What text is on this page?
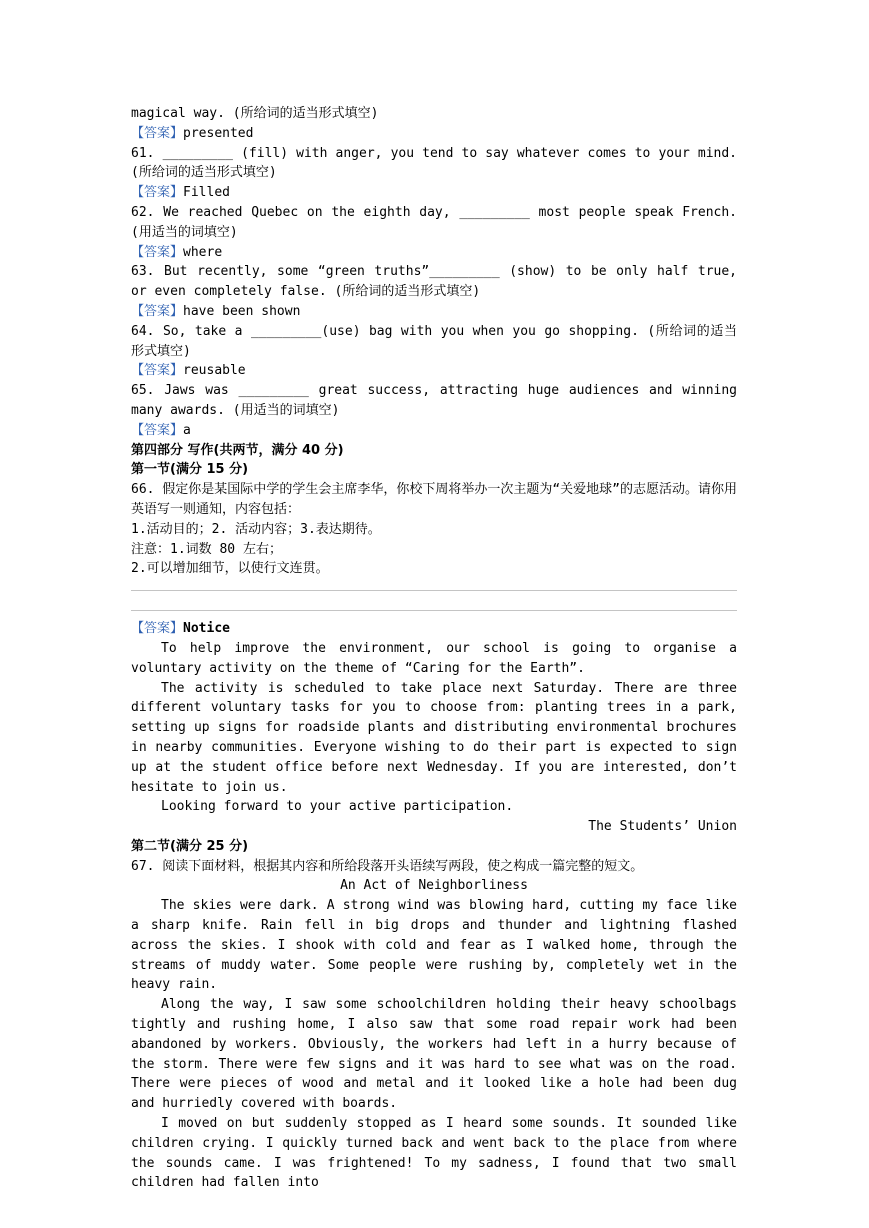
magical way. (所给词的适当形式填空)

【答案】presented

61. _________ (fill) with anger, you tend to say whatever comes to your mind. (所给词的适当形式填空)

【答案】Filled

62. We reached Quebec on the eighth day, _________ most people speak French. (用适当的词填空)

【答案】where

63. But recently, some “green truths”_________ (show) to be only half true, or even completely false. (所给词的适当形式填空)

【答案】have been shown

64. So, take a _________(use) bag with you when you go shopping. (所给词的适当形式填空)

【答案】reusable

65. Jaws was _________ great success, attracting huge audiences and winning many awards. (用适当的词填空)

【答案】a

第四部分 写作(共两节，满分 40 分)

第一节(满分 15 分)

66. 假定你是某国际中学的学生会主席李华，你校下周将举办一次主题为“关爱地球”的志愿活动。请你用英语写一则通知，内容包括：

1.活动目的；2. 活动内容；3.表达期待。

注意：1.词数 80 左右；

2.可以增加细节，以使行文连贯。

【答案】Notice

To help improve the environment, our school is going to organise a voluntary activity on the theme of “Caring for the Earth”.

The activity is scheduled to take place next Saturday. There are three different voluntary tasks for you to choose from: planting trees in a park, setting up signs for roadside plants and distributing environmental brochures in nearby communities. Everyone wishing to do their part is expected to sign up at the student office before next Wednesday. If you are interested, don’t hesitate to join us.

Looking forward to your active participation.

The Students’ Union

第二节(满分 25 分)

67. 阅读下面材料，根据其内容和所给段落开头语续写两段，使之构成一篇完整的短文。

An Act of Neighborliness

The skies were dark. A strong wind was blowing hard, cutting my face like a sharp knife. Rain fell in big drops and thunder and lightning flashed across the skies. I shook with cold and fear as I walked home, through the streams of muddy water. Some people were rushing by, completely wet in the heavy rain.

Along the way, I saw some schoolchildren holding their heavy schoolbags tightly and rushing home, I also saw that some road repair work had been abandoned by workers. Obviously, the workers had left in a hurry because of the storm. There were few signs and it was hard to see what was on the road. There were pieces of wood and metal and it looked like a hole had been dug and hurriedly covered with boards.

I moved on but suddenly stopped as I heard some sounds. It sounded like children crying. I quickly turned back and went back to the place from where the sounds came. I was frightened! To my sadness, I found that two small children had fallen into
